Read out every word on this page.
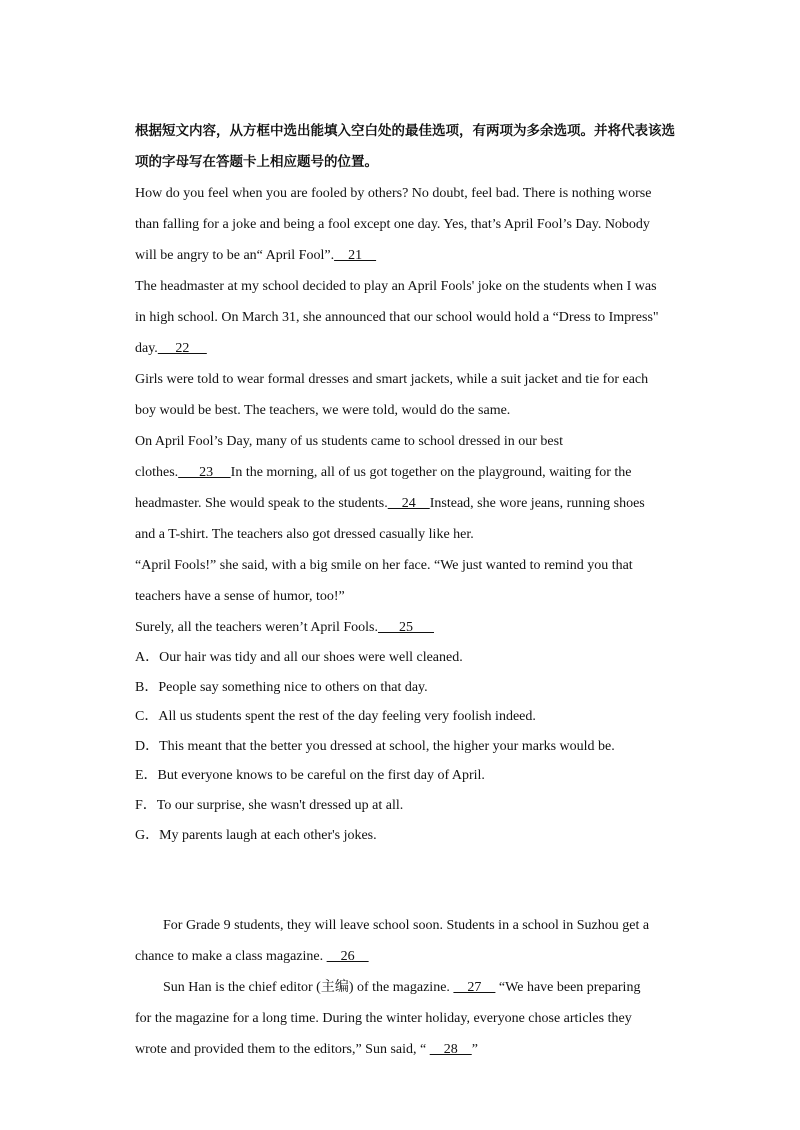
根据短文内容，从方框中选出能填入空白处的最佳选项，有两项为多余选项。并将代表该选项的字母写在答题卡上相应题号的位置。

How do you feel when you are fooled by others? No doubt, feel bad. There is nothing worse

than falling for a joke and being a fool except one day. Yes, that’s April Fool’s Day. Nobody

will be angry to be an“ April Fool”.    21

The headmaster at my school decided to play an April Fools' joke on the students when I was

in high school. On March 31, she announced that our school would hold a “Dress to Impress"

day.     22

Girls were told to wear formal dresses and smart jackets, while a suit jacket and tie for each

boy would be best. The teachers, we were told, would do the same.

On April Fool’s Day, many of us students came to school dressed in our best

clothes.      23     In the morning, all of us got together on the playground, waiting for the

headmaster. She would speak to the students.    24    Instead, she wore jeans, running shoes

and a T-shirt. The teachers also got dressed casually like her.

“April Fools!” she said, with a big smile on her face. “We just wanted to remind you that

teachers have a sense of humor, too!”

Surely, all the teachers weren’t April Fools.      25

A．Our hair was tidy and all our shoes were well cleaned.

B．People say something nice to others on that day.

C．All us students spent the rest of the day feeling very foolish indeed.

D．This meant that the better you dressed at school, the higher your marks would be.

E．But everyone knows to be careful on the first day of April.

F．To our surprise, she wasn't dressed up at all.

G．My parents laugh at each other's jokes.

For Grade 9 students, they will leave school soon. Students in a school in Suzhou get a

chance to make a class magazine.     26

Sun Han is the chief editor (主编) of the magazine.     27     “We have been preparing

for the magazine for a long time. During the winter holiday, everyone chose articles they

wrote and provided them to the editors,” Sun said, “     28    ”
